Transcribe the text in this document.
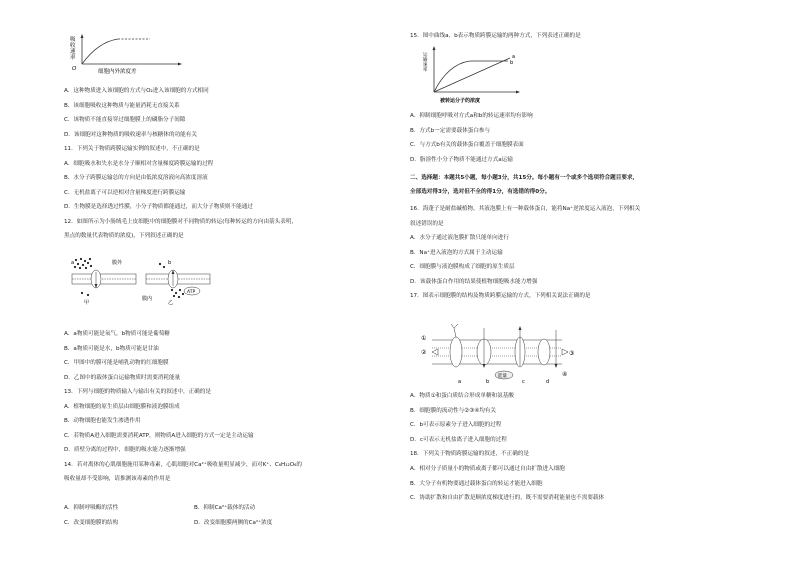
吸
收
速
率
O	细胞内外浓度差
A．这种物质进入该细胞的方式与O₂进入该细胞的方式相同
B．该细胞吸收这种物质与能量消耗无直接关系
C．该物质不能直接穿过细胞膜上的磷脂分子间隙
D．该细胞对这种物质的吸收速率与核糖体的功能有关
11．下列关于物质跨膜运输实例的叙述中，不正确的是
A．细胞吸水和失水是水分子顺相对含量梯度跨膜运输的过程
B．水分子跨膜运输总的方向是由低浓度溶液向高浓度溶液
C．无机盐离子可以逆相对含量梯度进行跨膜运输
D．生物膜是选择透过性膜，小分子物质都能通过，而大分子物质则不能通过
12．如图所示为小肠绒毛上皮细胞中的细胞膜对不同物质的转运(每种转运的方向由箭头表明，
黑点的数量代表物质的浓度)，下列叙述正确的是
膜外
膜内
a	b
ATP
甲	乙
A．a物质可能是氧气，b物质可能是葡萄糖
B．a物质可能是水，b物质可能是甘油
C．甲图中的膜可能是哺乳动物的红细胞膜
D．乙图中的载体蛋白运输物质时需要消耗能量
13．下列与细胞的物质输入与输出有关的叙述中，正确的是
A．植物细胞的原生质层由细胞膜和液泡膜组成
B．动物细胞也能发生渗透作用
C．若物质A进入细胞需要消耗ATP，则物质A进入细胞的方式一定是主动运输
D．质壁分离的过程中，细胞的吸水能力逐渐增强
14．若对离体的心肌细胞施用某种毒素，心肌细胞对Ca²⁺吸收量明显减少，而对K⁺、C₆H₁₂O₆的
吸收量却不受影响，请推测该毒素的作用是
A．抑制呼吸酶的活性	B．抑制Ca²⁺载体的活动
C．改变细胞膜的结构	D．改变细胞膜两侧的Ca²⁺浓度
15．图中曲线a、b表示物质跨膜运输的两种方式，下列表述正确的是
运
输
速
率
a
b
被转运分子的浓度
A．抑制细胞呼吸对方式a和b的转运速率均有影响
B．方式b一定需要载体蛋白参与
C．与方式b有关的载体蛋白覆盖于细胞膜表面
D．脂溶性小分子物质不能通过方式a运输
二、选择题：本题共5小题，每小题3分，共15分。每小题有一个或多个选项符合题目要求，
全部选对得3分，选对但不全的得1分，有选错的得0分。
16．海蓬子是耐盐碱植物，其液泡膜上有一种载体蛋白，能将Na⁺逆浓度运入液泡，下列相关
叙述错误的是
A．水分子通过液泡膜扩散只能单向进行
B．Na⁺进入液泡的方式属于主动运输
C．细胞膜与液泡膜构成了细胞的原生质层
D．该载体蛋白作用的结果使植物细胞吸水能力增强
17．图表示细胞膜的结构及物质跨膜运输的方式，下列相关说法正确的是
①
②	③
④
a	b	c	d
能量
A．物质①和蛋白质结合形成单糖和氨基酸
B．细胞膜的流动性与②③④均有关
C．b可表示原素分子进入细胞的过程
D．c可表示无机盐离子进入细胞的过程
18．下列关于物质跨膜运输的叙述，不正确的是
A．相对分子质量小的物质或离子都可以通过自由扩散进入细胞
B．大分子有机物要通过载体蛋白的转运才能进入细胞
C．协助扩散和自由扩散是顺浓度梯度进行的，既不需要消耗能量也不需要载体
